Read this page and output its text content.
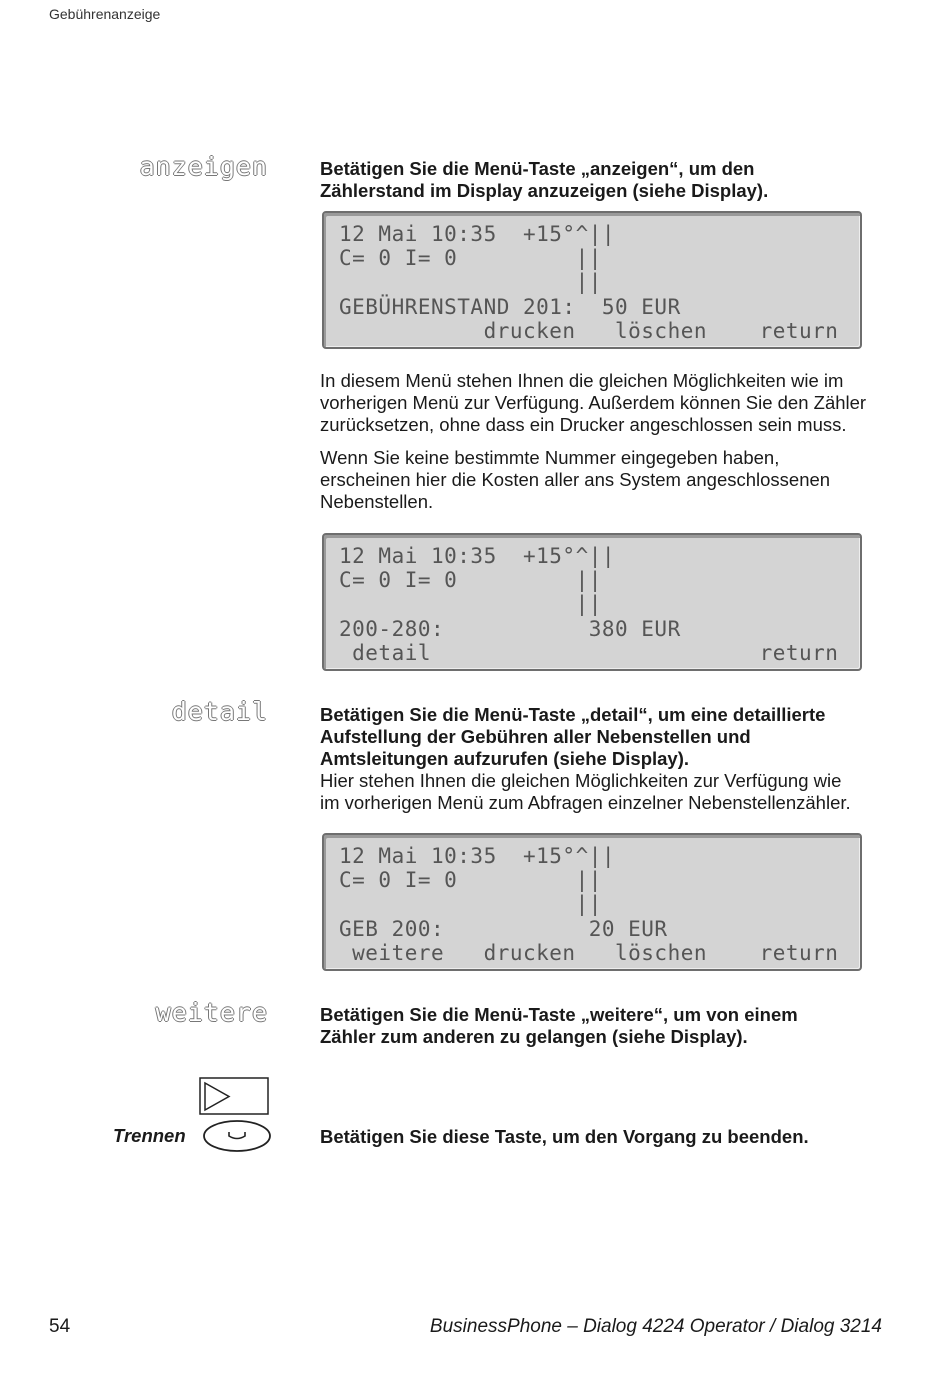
Gebührenanzeige
anzeigen	Betätigen Sie die Menü-Taste „anzeigen“, um den
Zählerstand im Display anzuzeigen (siehe Display).
12 Mai 10:35  +15°^||
C= 0 I= 0         ||
||
GEBÜHRENSTAND 201:  50 EUR
drucken   löschen    return

In diesem Menü stehen Ihnen die gleichen Möglichkeiten wie im
vorherigen Menü zur Verfügung. Außerdem können Sie den Zähler
zurücksetzen, ohne dass ein Drucker angeschlossen sein muss.

Wenn Sie keine bestimmte Nummer eingegeben haben,
erscheinen hier die Kosten aller ans System angeschlossenen
Nebenstellen.

12 Mai 10:35  +15°^||
C= 0 I= 0         ||
||
200-280:           380 EUR
detail                         return
detail	Betätigen Sie die Menü-Taste „detail“, um eine detaillierte
Aufstellung der Gebühren aller Nebenstellen und
Amtsleitungen aufzurufen (siehe Display).
Hier stehen Ihnen die gleichen Möglichkeiten zur Verfügung wie
im vorherigen Menü zum Abfragen einzelner Nebenstellenzähler.
12 Mai 10:35  +15°^||
C= 0 I= 0         ||
||
GEB 200:           20 EUR
weitere   drucken   löschen    return
weitere	Betätigen Sie die Menü-Taste „weitere“, um von einem
Zähler zum anderen zu gelangen (siehe Display).
Trennen	Betätigen Sie diese Taste, um den Vorgang zu beenden.
54	BusinessPhone – Dialog 4224 Operator / Dialog 3214
